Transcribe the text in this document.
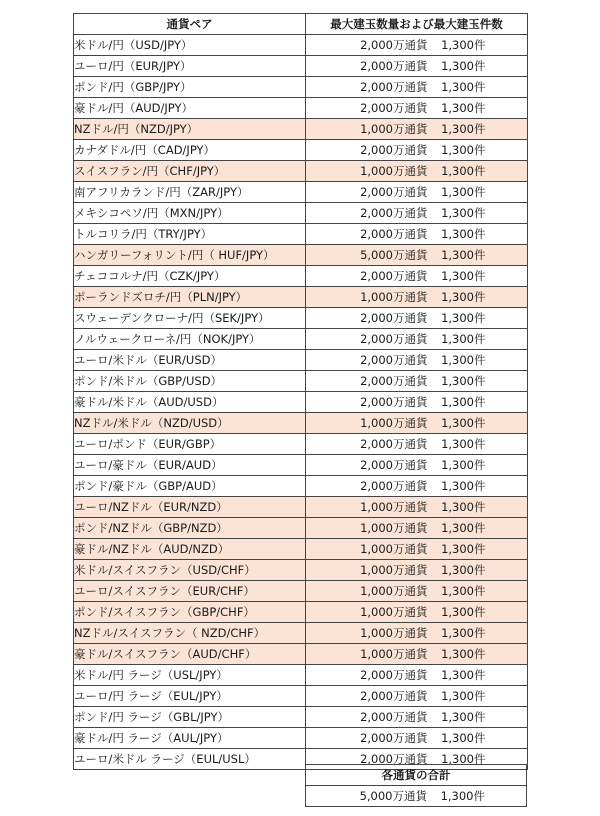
通貨ペア	最大建玉数量および最大建玉件数
米ドル/円（USD/JPY）	2,000万通貨 1,300件
ユーロ/円（EUR/JPY）	2,000万通貨 1,300件
ポンド/円（GBP/JPY）	2,000万通貨 1,300件
豪ドル/円（AUD/JPY）	2,000万通貨 1,300件
NZドル/円（NZD/JPY）	1,000万通貨 1,300件
カナダドル/円（CAD/JPY）	2,000万通貨 1,300件
スイスフラン/円（CHF/JPY）	1,000万通貨 1,300件
南アフリカランド/円（ZAR/JPY）	2,000万通貨 1,300件
メキシコペソ/円（MXN/JPY）	2,000万通貨 1,300件
トルコリラ/円（TRY/JPY）	2,000万通貨 1,300件
ハンガリーフォリント/円（ HUF/JPY）	5,000万通貨 1,300件
チェココルナ/円（CZK/JPY）	2,000万通貨 1,300件
ポーランドズロチ/円（PLN/JPY）	1,000万通貨 1,300件
スウェーデンクローナ/円（SEK/JPY）	2,000万通貨 1,300件
ノルウェークローネ/円（NOK/JPY）	2,000万通貨 1,300件
ユーロ/米ドル（EUR/USD）	2,000万通貨 1,300件
ポンド/米ドル（GBP/USD）	2,000万通貨 1,300件
豪ドル/米ドル（AUD/USD）	2,000万通貨 1,300件
NZドル/米ドル（NZD/USD）	1,000万通貨 1,300件
ユーロ/ポンド（EUR/GBP）	2,000万通貨 1,300件
ユーロ/豪ドル（EUR/AUD）	2,000万通貨 1,300件
ポンド/豪ドル（GBP/AUD）	2,000万通貨 1,300件
ユーロ/NZドル（EUR/NZD）	1,000万通貨 1,300件
ポンド/NZドル（GBP/NZD）	1,000万通貨 1,300件
豪ドル/NZドル（AUD/NZD）	1,000万通貨 1,300件
米ドル/スイスフラン（USD/CHF）	1,000万通貨 1,300件
ユーロ/スイスフラン（EUR/CHF）	1,000万通貨 1,300件
ポンド/スイスフラン（GBP/CHF）	1,000万通貨 1,300件
NZドル/スイスフラン（ NZD/CHF）	1,000万通貨 1,300件
豪ドル/スイスフラン（AUD/CHF）	1,000万通貨 1,300件
米ドル/円 ラージ（USL/JPY）	2,000万通貨 1,300件
ユーロ/円 ラージ（EUL/JPY）	2,000万通貨 1,300件
ポンド/円 ラージ（GBL/JPY）	2,000万通貨 1,300件
豪ドル/円 ラージ（AUL/JPY）	2,000万通貨 1,300件
ユーロ/米ドル ラージ（EUL/USL）	2,000万通貨 1,300件
各通貨の合計
5,000万通貨 1,300件
